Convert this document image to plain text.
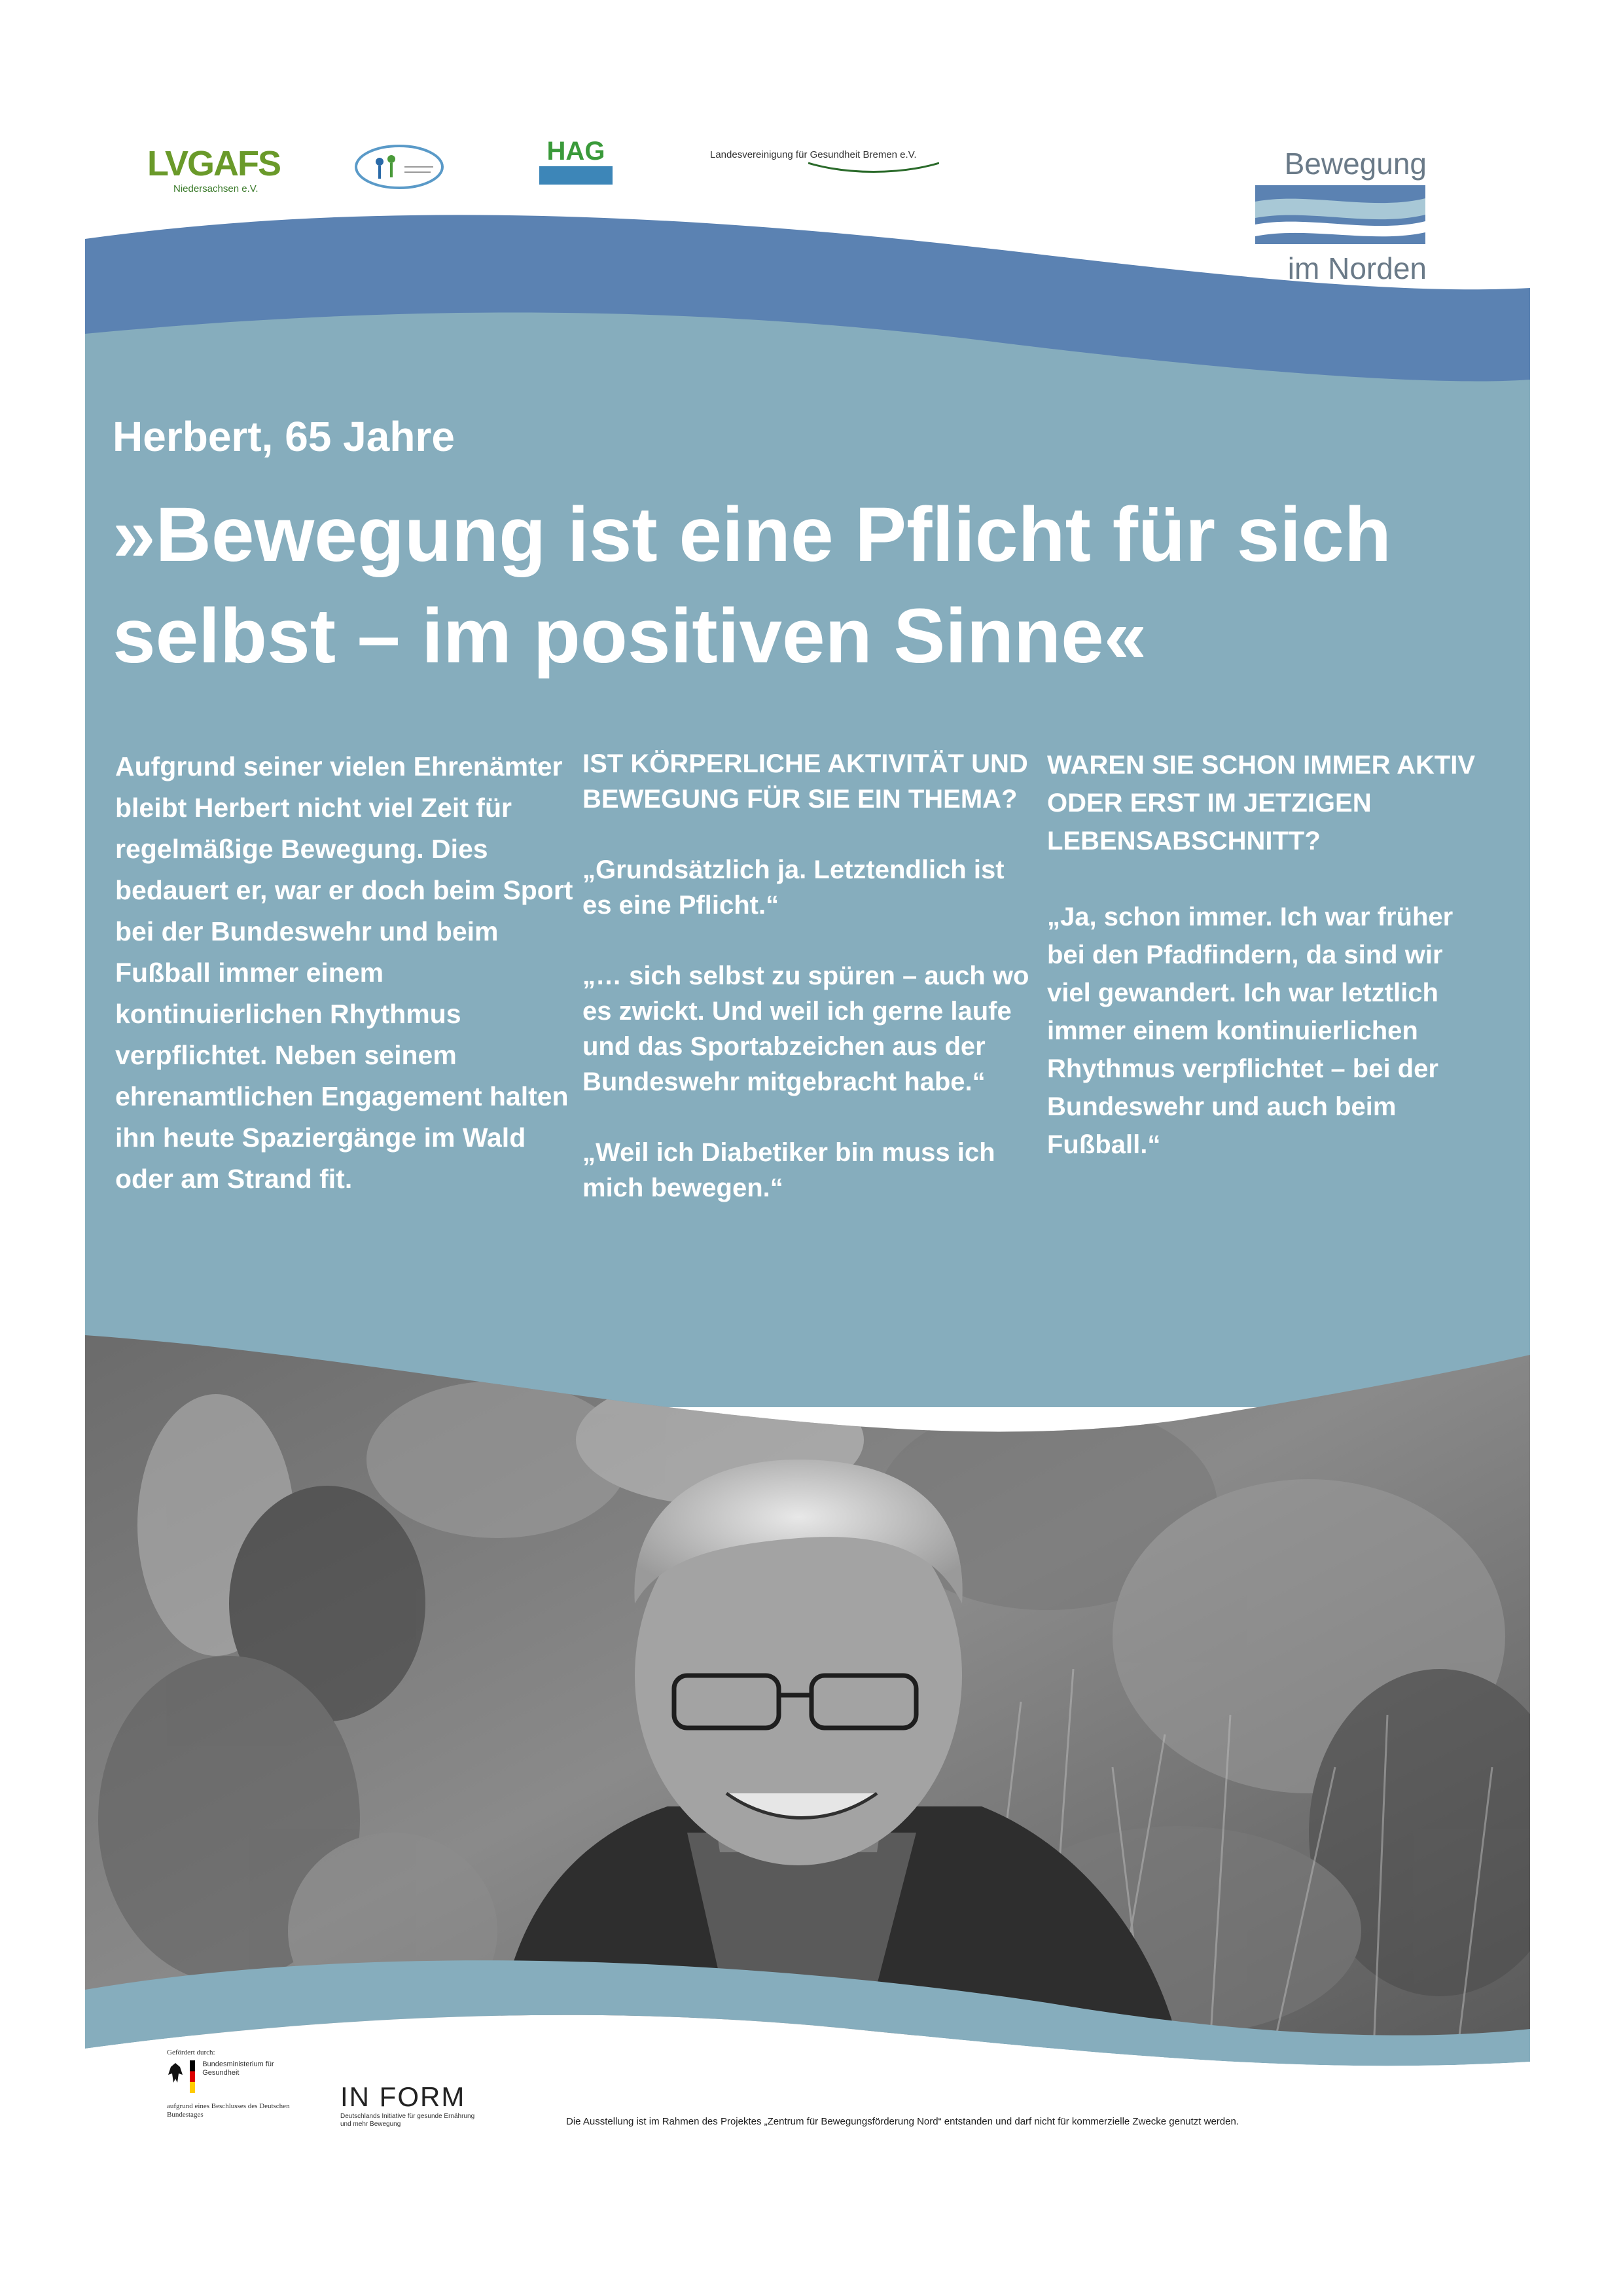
LVGAFS
Niedersachsen e.V.
HAG	Landesvereinigung für Gesundheit Bremen e.V.	Bewegung
im Norden
Herbert, 65 Jahre
»Bewegung ist eine Pflicht für sich
selbst – im positiven Sinne«
Aufgrund seiner vielen Ehrenämter bleibt Herbert nicht viel Zeit für regelmäßige Bewegung. Dies bedauert er, war er doch beim Sport bei der Bundeswehr und beim Fußball immer einem kontinuierlichen Rhythmus verpflichtet. Neben seinem ehrenamtlichen Engagement halten ihn heute Spaziergänge im Wald oder am Strand fit.
IST KÖRPERLICHE AKTIVITÄT UND BEWEGUNG FÜR SIE EIN THEMA?
„Grundsätzlich ja. Letztendlich ist es eine Pflicht.“
„… sich selbst zu spüren – auch wo es zwickt. Und weil ich gerne laufe und das Sportabzeichen aus der Bundeswehr mitgebracht habe.“
„Weil ich Diabetiker bin muss ich mich bewegen.“
WAREN SIE SCHON IMMER AKTIV ODER ERST IM JETZIGEN LEBENSABSCHNITT?
„Ja, schon immer. Ich war früher bei den Pfadfindern, da sind wir viel gewandert. Ich war letztlich immer einem kontinuierlichen Rhythmus verpflichtet – bei der Bundeswehr und auch beim Fußball.“
Gefördert durch:
Bundesministerium für Gesundheit
aufgrund eines Beschlusses des Deutschen Bundestages
IN FORM
Deutschlands Initiative für gesunde Ernährung und mehr Bewegung	Die Ausstellung ist im Rahmen des Projektes „Zentrum für Bewegungsförderung Nord“ entstanden und darf nicht für kommerzielle Zwecke genutzt werden.
